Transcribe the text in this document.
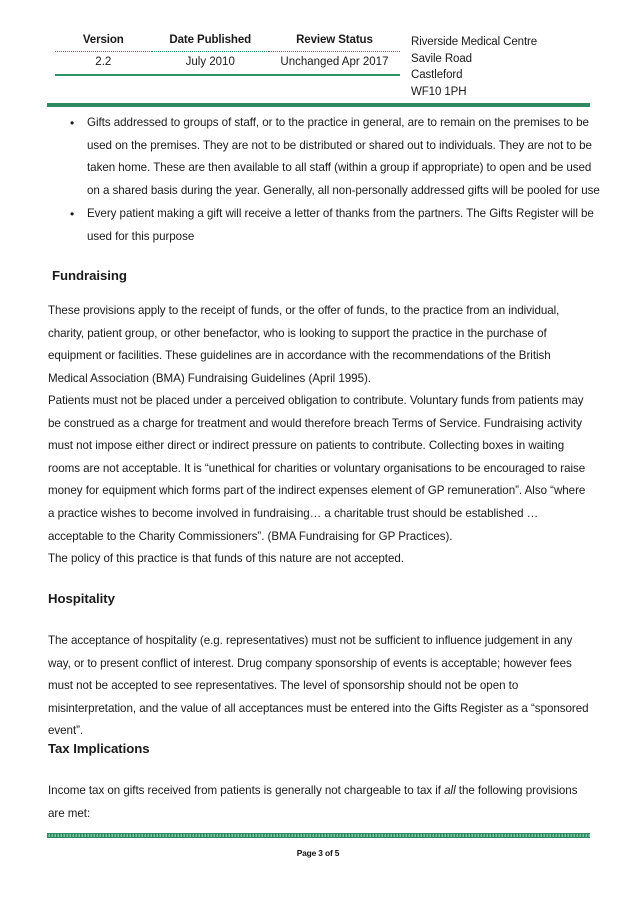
Version	Date Published	Review Status
2.2	July 2010	Unchanged Apr 2017
Riverside Medical Centre
Savile Road
Castleford
WF10 1PH
• Gifts addressed to groups of staff, or to the practice in general, are to remain on the premises to be used on the premises. They are not to be distributed or shared out to individuals. They are not to be taken home. These are then available to all staff (within a group if appropriate) to open and be used on a shared basis during the year. Generally, all non-personally addressed gifts will be pooled for use
• Every patient making a gift will receive a letter of thanks from the partners. The Gifts Register will be used for this purpose
Fundraising

These provisions apply to the receipt of funds, or the offer of funds, to the practice from an individual, charity, patient group, or other benefactor, who is looking to support the practice in the purchase of equipment or facilities. These guidelines are in accordance with the recommendations of the British Medical Association (BMA) Fundraising Guidelines (April 1995).

Patients must not be placed under a perceived obligation to contribute. Voluntary funds from patients may be construed as a charge for treatment and would therefore breach Terms of Service. Fundraising activity must not impose either direct or indirect pressure on patients to contribute. Collecting boxes in waiting rooms are not acceptable. It is “unethical for charities or voluntary organisations to be encouraged to raise money for equipment which forms part of the indirect expenses element of GP remuneration”. Also “where a practice wishes to become involved in fundraising… a charitable trust should be established … acceptable to the Charity Commissioners”. (BMA Fundraising for GP Practices).

The policy of this practice is that funds of this nature are not accepted.

Hospitality

The acceptance of hospitality (e.g. representatives) must not be sufficient to influence judgement in any way, or to present conflict of interest. Drug company sponsorship of events is acceptable; however fees must not be accepted to see representatives. The level of sponsorship should not be open to misinterpretation, and the value of all acceptances must be entered into the Gifts Register as a “sponsored event”.

Tax Implications

Income tax on gifts received from patients is generally not chargeable to tax if all the following provisions are met:

Page 3 of 5
